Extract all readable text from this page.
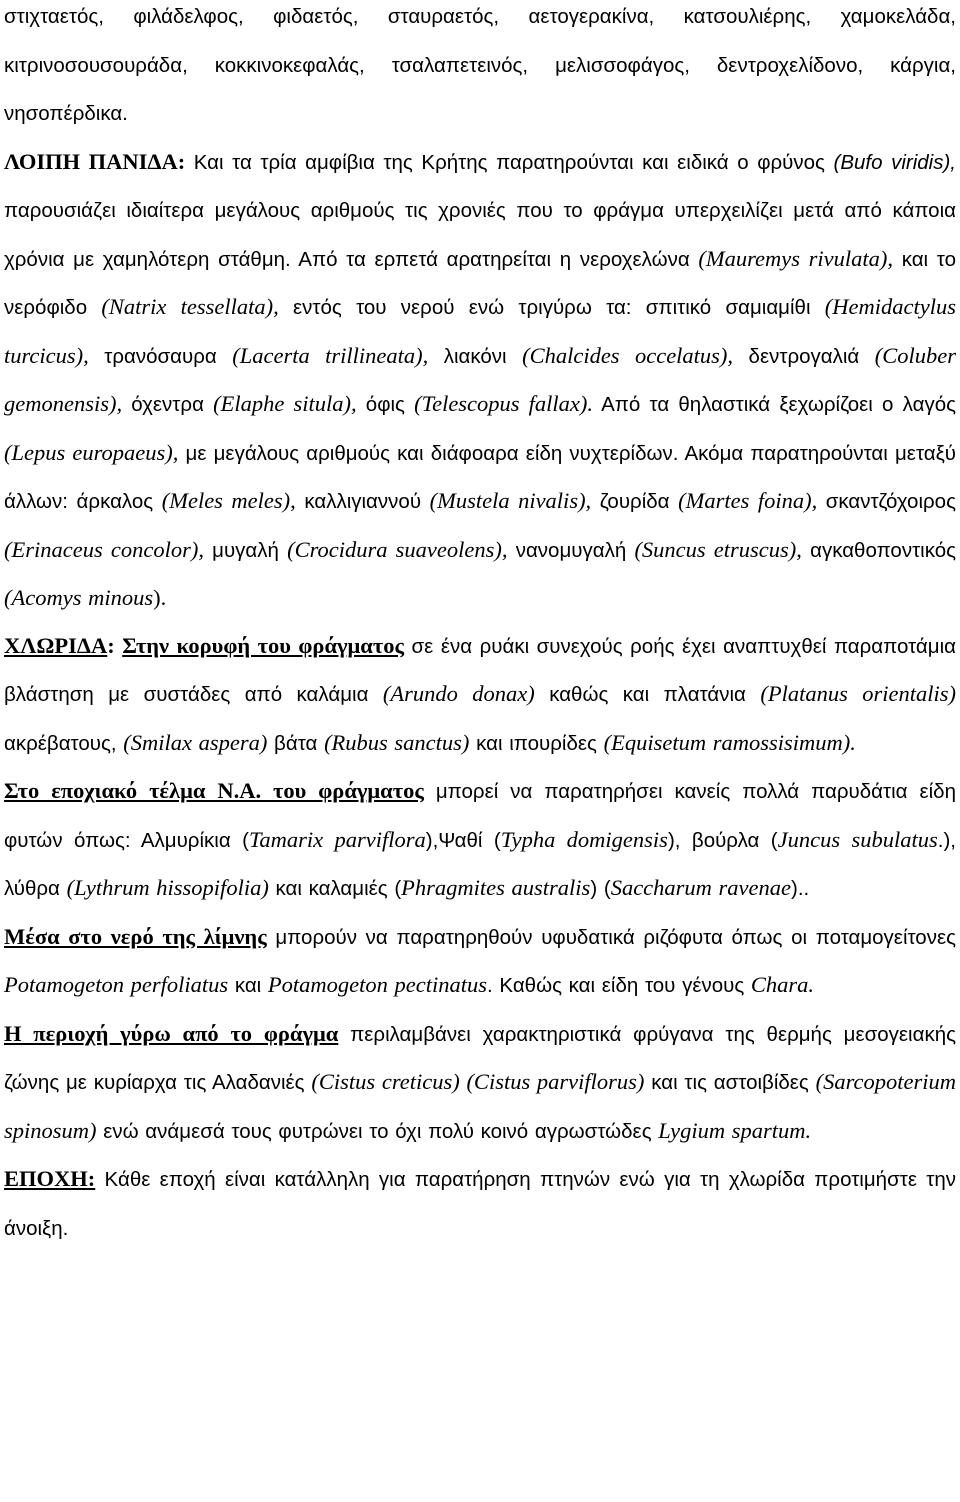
στιχταετός, φιλάδελφος, φιδαετός, σταυραετός, αετογερακίνα, κατσουλιέρης, χαμοκελάδα, κιτρινοσουσουράδα, κοκκινοκεφαλάς, τσαλαπετεινός, μελισσοφάγος, δεντροχελίδονο, κάργια, νησοπέρδικα.

ΛΟΙΠΗ ΠΑΝΙΔΑ: Και τα τρία αμφίβια της Κρήτης παρατηρούνται και ειδικά ο φρύνος (Bufo viridis), παρουσιάζει ιδιαίτερα μεγάλους αριθμούς τις χρονιές που το φράγμα υπερχειλίζει μετά από κάποια χρόνια με χαμηλότερη στάθμη. Από τα ερπετά αρατηρείται η νεροχελώνα (Mauremys rivulata), και το νερόφιδο (Natrix tessellata), εντός του νερού ενώ τριγύρω τα: σπιτικό σαμιαμίθι (Hemidactylus turcicus), τρανόσαυρα (Lacerta trillineata), λιακόνι (Chalcides occelatus), δεντρογαλιά (Coluber gemonensis), όχεντρα (Elaphe situla), όφις (Telescopus fallax). Από τα θηλαστικά ξεχωρίζοει ο λαγός (Lepus europaeus), με μεγάλους αριθμούς και διάφοαρα είδη νυχτερίδων. Ακόμα παρατηρούνται μεταξύ άλλων: άρκαλος (Meles meles), καλλιγιαννού (Mustela nivalis), ζουρίδα (Martes foina), σκαντζόχοιρος (Erinaceus concolor), μυγαλή (Crocidura suaveolens), νανομυγαλή (Suncus etruscus), αγκαθοποντικός (Acomys minous).

ΧΛΩΡΙΔΑ: Στην κορυφή του φράγματος σε ένα ρυάκι συνεχούς ροής έχει αναπτυχθεί παραποτάμια βλάστηση με συστάδες από καλάμια (Arundo donax) καθώς και πλατάνια (Platanus orientalis) ακρέβατους, (Smilax aspera) βάτα (Rubus sanctus) και ιπουρίδες (Equisetum ramossisimum).

Στο εποχιακό τέλμα Ν.Α. του φράγματος μπορεί να παρατηρήσει κανείς πολλά παρυδάτια είδη φυτών όπως: Αλμυρίκια (Tamarix parviflora),Ψαθί (Typha domigensis), βούρλα (Juncus subulatus.), λύθρα (Lythrum hissopifolia) και καλαμιές (Phragmites australis) (Saccharum ravenae)..

Μέσα στο νερό της λίμνης μπορούν να παρατηρηθούν υφυδατικά ριζόφυτα όπως οι ποταμογείτονες Potamogeton perfoliatus και Potamogeton pectinatus. Καθώς και είδη του γένους Chara.

Η περιοχή γύρω από το φράγμα περιλαμβάνει χαρακτηριστικά φρύγανα της θερμής μεσογειακής ζώνης με κυρίαρχα τις Αλαδανιές (Cistus creticus) (Cistus parviflorus) και τις αστοιβίδες (Sarcopoterium spinosum) ενώ ανάμεσά τους φυτρώνει το όχι πολύ κοινό αγρωστώδες Lygium spartum.

ΕΠΟΧΗ: Κάθε εποχή είναι κατάλληλη για παρατήρηση πτηνών ενώ για τη χλωρίδα προτιμήστε την άνοιξη.
